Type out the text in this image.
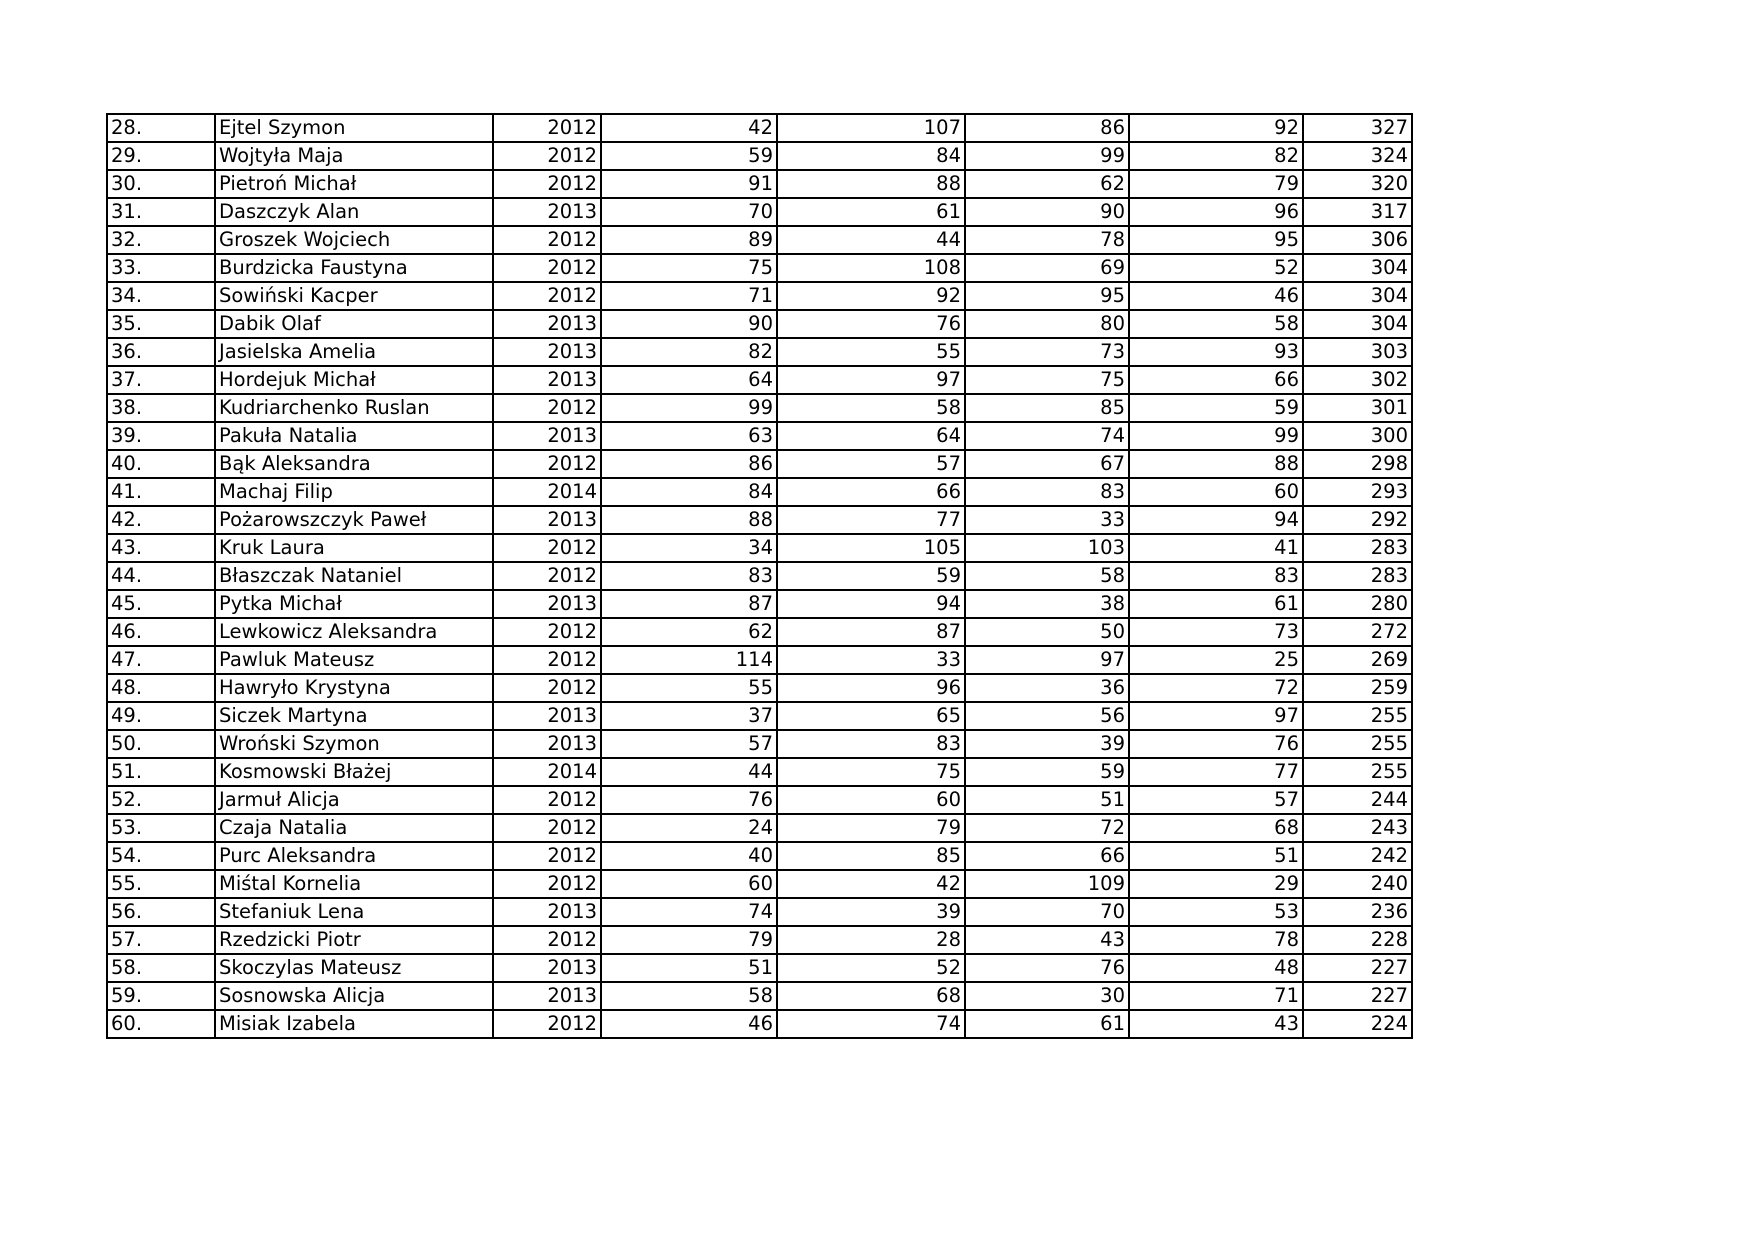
28.	Ejtel Szymon	2012	42	107	86	92	327
29.	Wojtyła Maja	2012	59	84	99	82	324
30.	Pietroń Michał	2012	91	88	62	79	320
31.	Daszczyk Alan	2013	70	61	90	96	317
32.	Groszek Wojciech	2012	89	44	78	95	306
33.	Burdzicka Faustyna	2012	75	108	69	52	304
34.	Sowiński Kacper	2012	71	92	95	46	304
35.	Dabik Olaf	2013	90	76	80	58	304
36.	Jasielska Amelia	2013	82	55	73	93	303
37.	Hordejuk Michał	2013	64	97	75	66	302
38.	Kudriarchenko Ruslan	2012	99	58	85	59	301
39.	Pakuła Natalia	2013	63	64	74	99	300
40.	Bąk Aleksandra	2012	86	57	67	88	298
41.	Machaj Filip	2014	84	66	83	60	293
42.	Pożarowszczyk Paweł	2013	88	77	33	94	292
43.	Kruk Laura	2012	34	105	103	41	283
44.	Błaszczak Nataniel	2012	83	59	58	83	283
45.	Pytka Michał	2013	87	94	38	61	280
46.	Lewkowicz Aleksandra	2012	62	87	50	73	272
47.	Pawluk Mateusz	2012	114	33	97	25	269
48.	Hawryło Krystyna	2012	55	96	36	72	259
49.	Siczek Martyna	2013	37	65	56	97	255
50.	Wroński Szymon	2013	57	83	39	76	255
51.	Kosmowski Błażej	2014	44	75	59	77	255
52.	Jarmuł Alicja	2012	76	60	51	57	244
53.	Czaja Natalia	2012	24	79	72	68	243
54.	Purc Aleksandra	2012	40	85	66	51	242
55.	Miśtal Kornelia	2012	60	42	109	29	240
56.	Stefaniuk Lena	2013	74	39	70	53	236
57.	Rzedzicki Piotr	2012	79	28	43	78	228
58.	Skoczylas Mateusz	2013	51	52	76	48	227
59.	Sosnowska Alicja	2013	58	68	30	71	227
60.	Misiak Izabela	2012	46	74	61	43	224
